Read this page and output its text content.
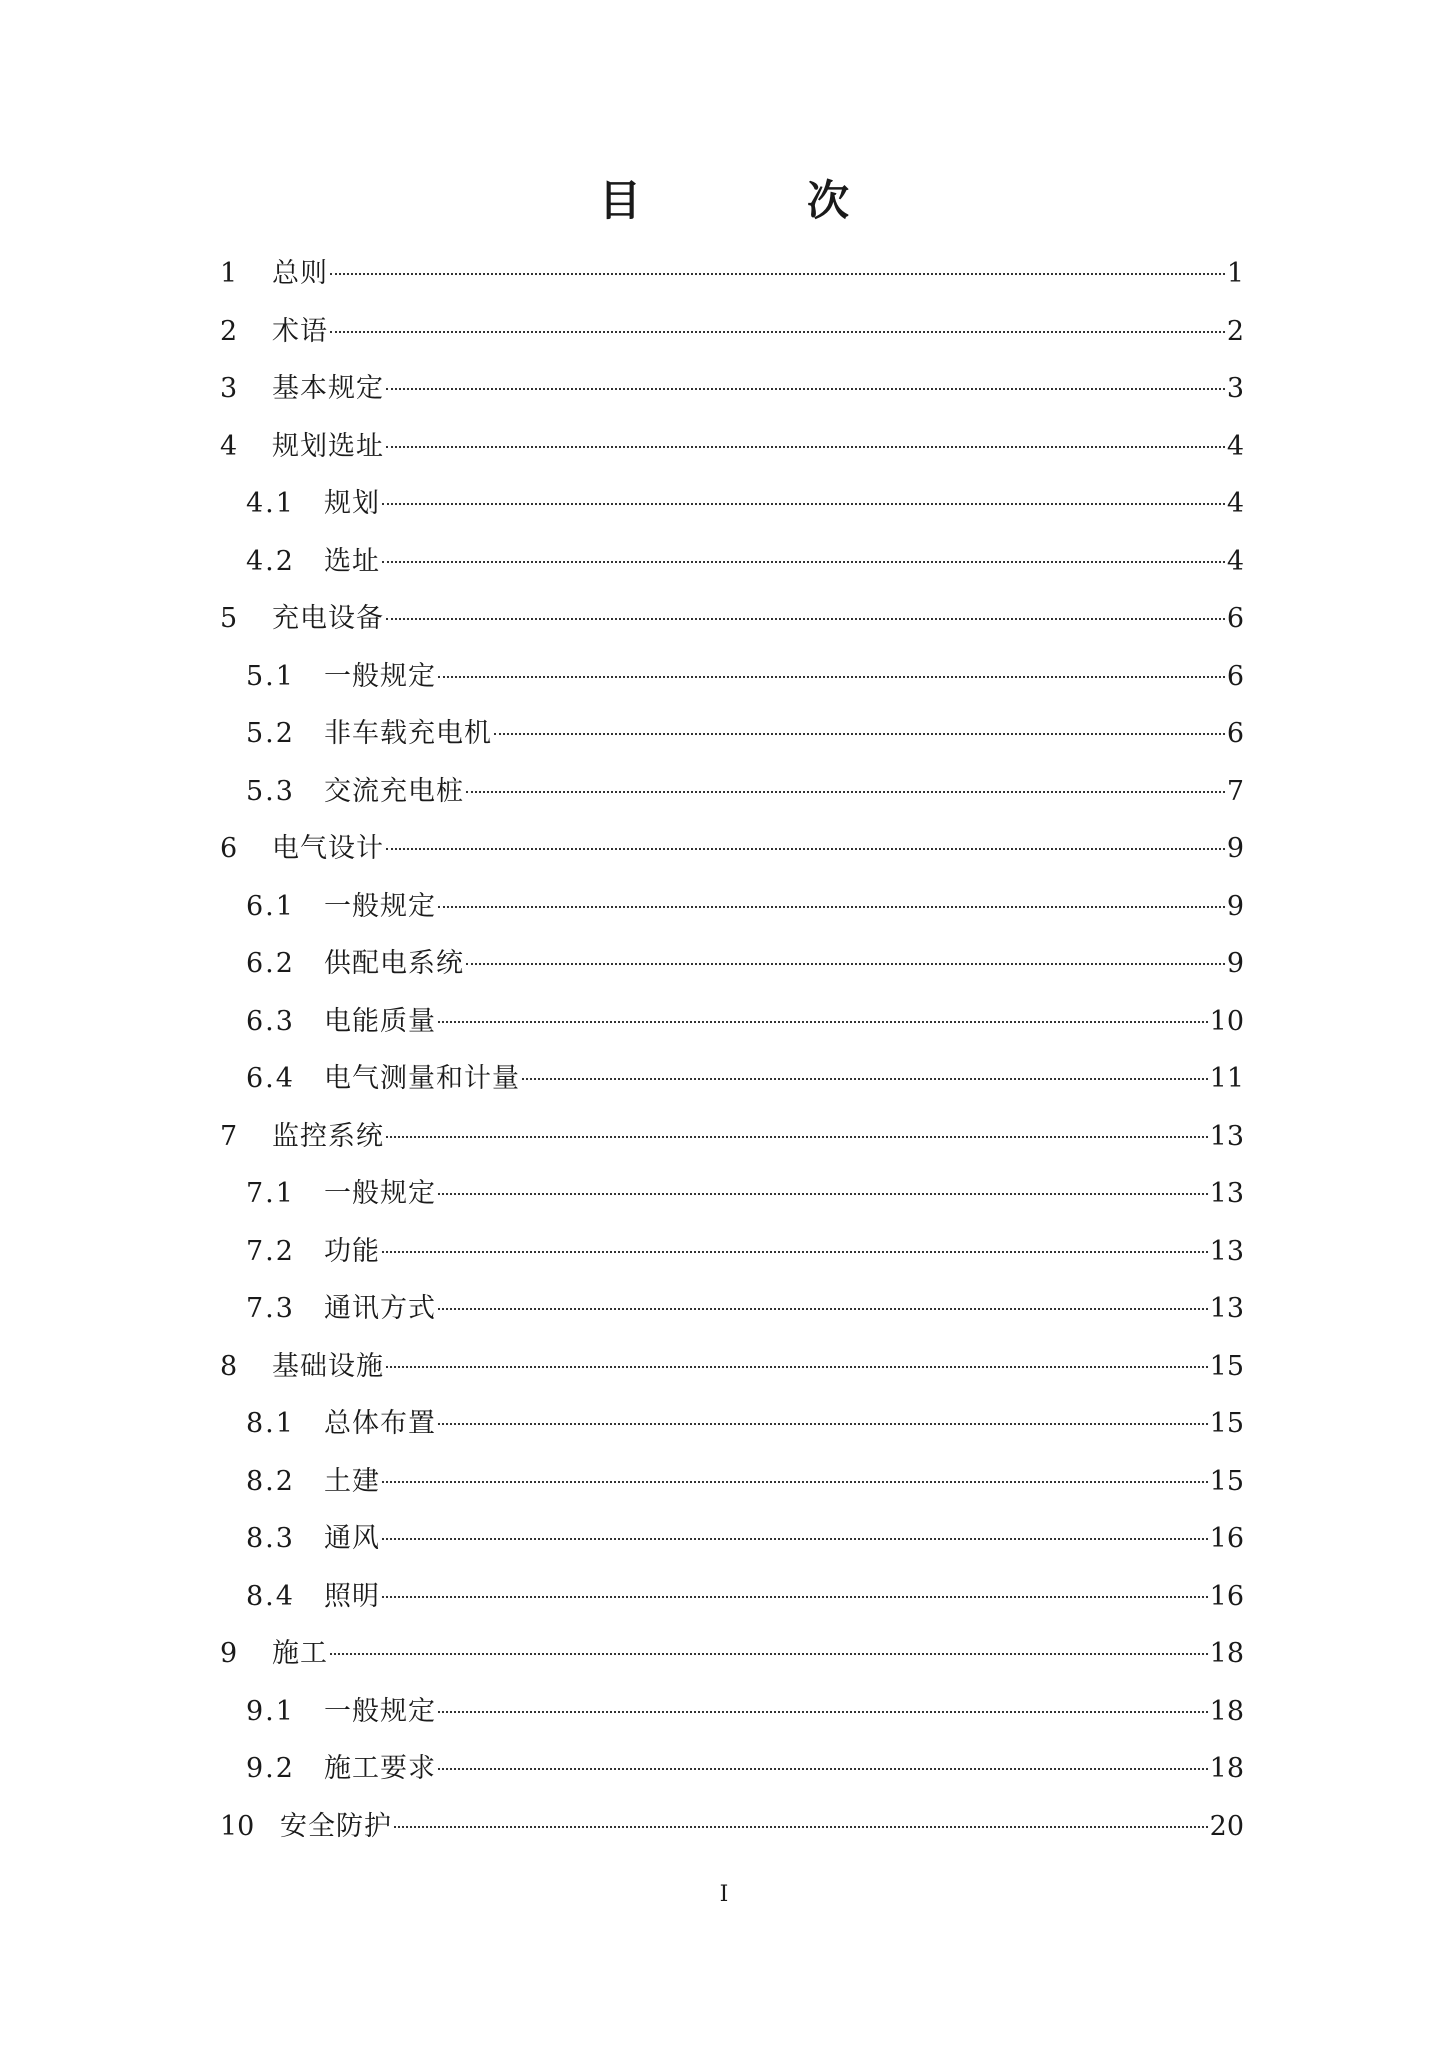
目　次
1	总则	1
2	术语	2
3	基本规定	3
4	规划选址	4
4.1	规划	4
4.2	选址	4
5	充电设备	6
5.1	一般规定	6
5.2	非车载充电机	6
5.3	交流充电桩	7
6	电气设计	9
6.1	一般规定	9
6.2	供配电系统	9
6.3	电能质量	10
6.4	电气测量和计量	11
7	监控系统	13
7.1	一般规定	13
7.2	功能	13
7.3	通讯方式	13
8	基础设施	15
8.1	总体布置	15
8.2	土建	15
8.3	通风	16
8.4	照明	16
9	施工	18
9.1	一般规定	18
9.2	施工要求	18
10 安全防护	20
I
